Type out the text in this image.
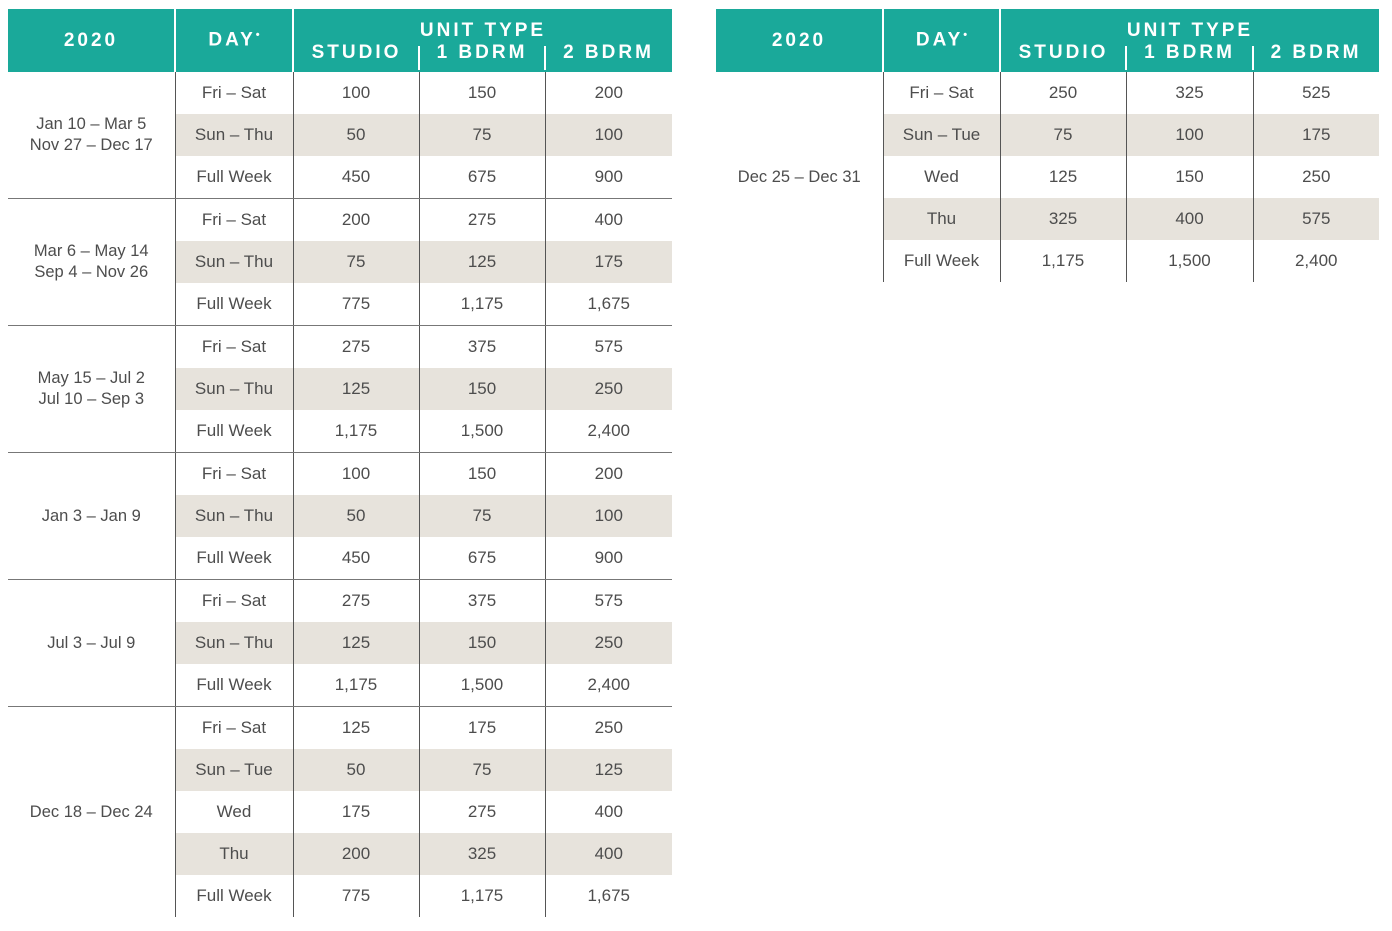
2020	DAY•	UNIT TYPE		
		STUDIO	1 BDRM	2 BDRM

Jan 10 – Mar 5
Nov 27 – Dec 17	Fri – Sat	100	150	200
	Sun – Thu	50	75	100
	Full Week	450	675	900

Mar 6 – May 14
Sep 4 – Nov 26	Fri – Sat	200	275	400
	Sun – Thu	75	125	175
	Full Week	775	1,175	1,675

May 15 – Jul 2
Jul 10 – Sep 3	Fri – Sat	275	375	575
	Sun – Thu	125	150	250
	Full Week	1,175	1,500	2,400

Jan 3 – Jan 9	Fri – Sat	100	150	200
	Sun – Thu	50	75	100
	Full Week	450	675	900

Jul 3 – Jul 9	Fri – Sat	275	375	575
	Sun – Thu	125	150	250
	Full Week	1,175	1,500	2,400

Dec 18 – Dec 24	Fri – Sat	125	175	250
	Sun – Tue	50	75	125
	Wed	175	275	400
	Thu	200	325	400
	Full Week	775	1,175	1,675
2020	DAY•	UNIT TYPE		
		STUDIO	1 BDRM	2 BDRM

Dec 25 – Dec 31	Fri – Sat	250	325	525
	Sun – Tue	75	100	175
	Wed	125	150	250
	Thu	325	400	575
	Full Week	1,175	1,500	2,400
